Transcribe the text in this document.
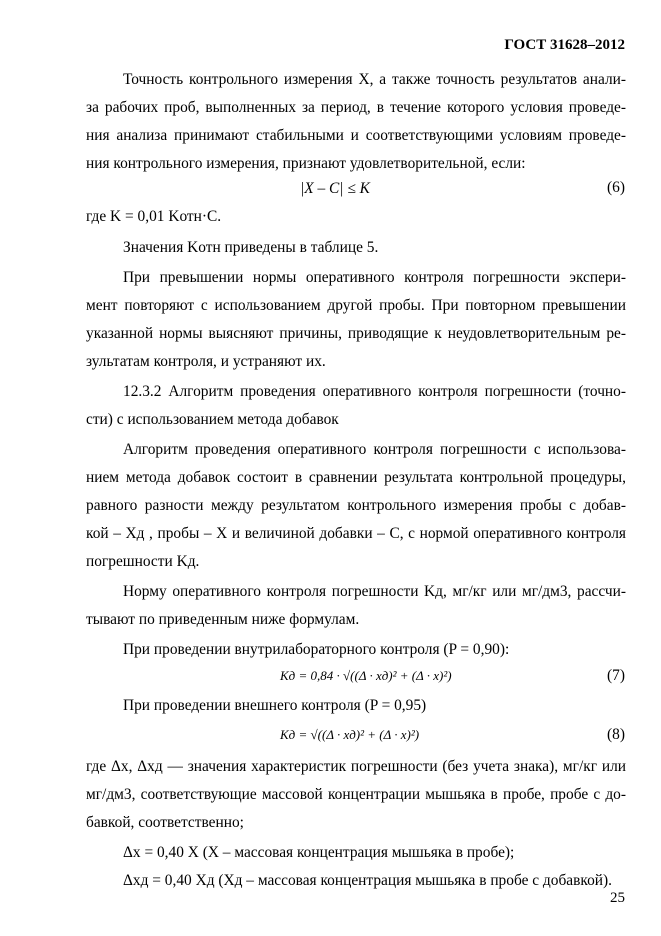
ГОСТ 31628–2012
Точность контрольного измерения X, а также точность результатов анали-
за рабочих проб, выполненных за период, в течение которого условия проведе-
ния анализа принимают стабильными и соответствующими условиям проведе-
ния контрольного измерения, признают удовлетворительной, если:
|X – C| ≤ K	(6)
где K = 0,01 Kотн·C.
Значения Kотн приведены в таблице 5.
При превышении нормы оперативного контроля погрешности экспери-
мент повторяют с использованием другой пробы. При повторном превышении
указанной нормы выясняют причины, приводящие к неудовлетворительным ре-
зультатам контроля, и устраняют их.
12.3.2 Алгоритм проведения оперативного контроля погрешности (точно-
сти) с использованием метода добавок
Алгоритм проведения оперативного контроля погрешности с использова-
нием метода добавок состоит в сравнении результата контрольной процедуры,
равного разности между результатом контрольного измерения пробы с добав-
кой – Xд , пробы – X и величиной добавки – C, с нормой оперативного контроля
погрешности Kд.
Норму оперативного контроля погрешности Kд, мг/кг или мг/дм3, рассчи-
тывают по приведенным ниже формулам.
При проведении внутрилабораторного контроля (P = 0,90):
Kд = 0,84 · √((Δ · xд)² + (Δ · x)²)	(7)
При проведении внешнего контроля (P = 0,95)
Kд = √((Δ · xд)² + (Δ · x)²)	(8)
где Δx, Δxд — значения характеристик погрешности (без учета знака), мг/кг или
мг/дм3, соответствующие массовой концентрации мышьяка в пробе, пробе с до-
бавкой, соответственно;
Δx = 0,40 X (X – массовая концентрация мышьяка в пробе);
Δxд = 0,40 Xд (Xд – массовая концентрация мышьяка в пробе с добавкой).
25
